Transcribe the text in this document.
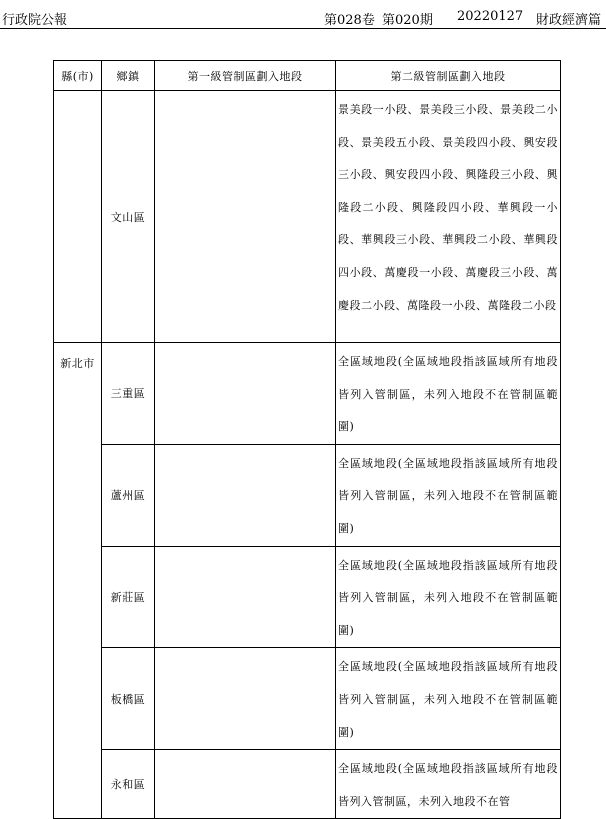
行政院公報	第028卷 第020期 20220127 財政經濟篇
縣(市)	鄉鎮	第一級管制區劃入地段	第二級管制區劃入地段
	文山區		景美段一小段、景美段三小段、景美段二小段、景美段五小段、景美段四小段、興安段三小段、興安段四小段、興隆段三小段、興隆段二小段、興隆段四小段、華興段一小段、華興段三小段、華興段二小段、華興段四小段、萬慶段一小段、萬慶段三小段、萬慶段二小段、萬隆段一小段、萬隆段二小段

新北市	三重區		全區域地段(全區域地段指該區域所有地段皆列入管制區，未列入地段不在管制區範圍)

	蘆州區		全區域地段(全區域地段指該區域所有地段皆列入管制區，未列入地段不在管制區範圍)

	新莊區		全區域地段(全區域地段指該區域所有地段皆列入管制區，未列入地段不在管制區範圍)

	板橋區		全區域地段(全區域地段指該區域所有地段皆列入管制區，未列入地段不在管制區範圍)

	永和區		全區域地段(全區域地段指該區域所有地段皆列入管制區，未列入地段不在管
